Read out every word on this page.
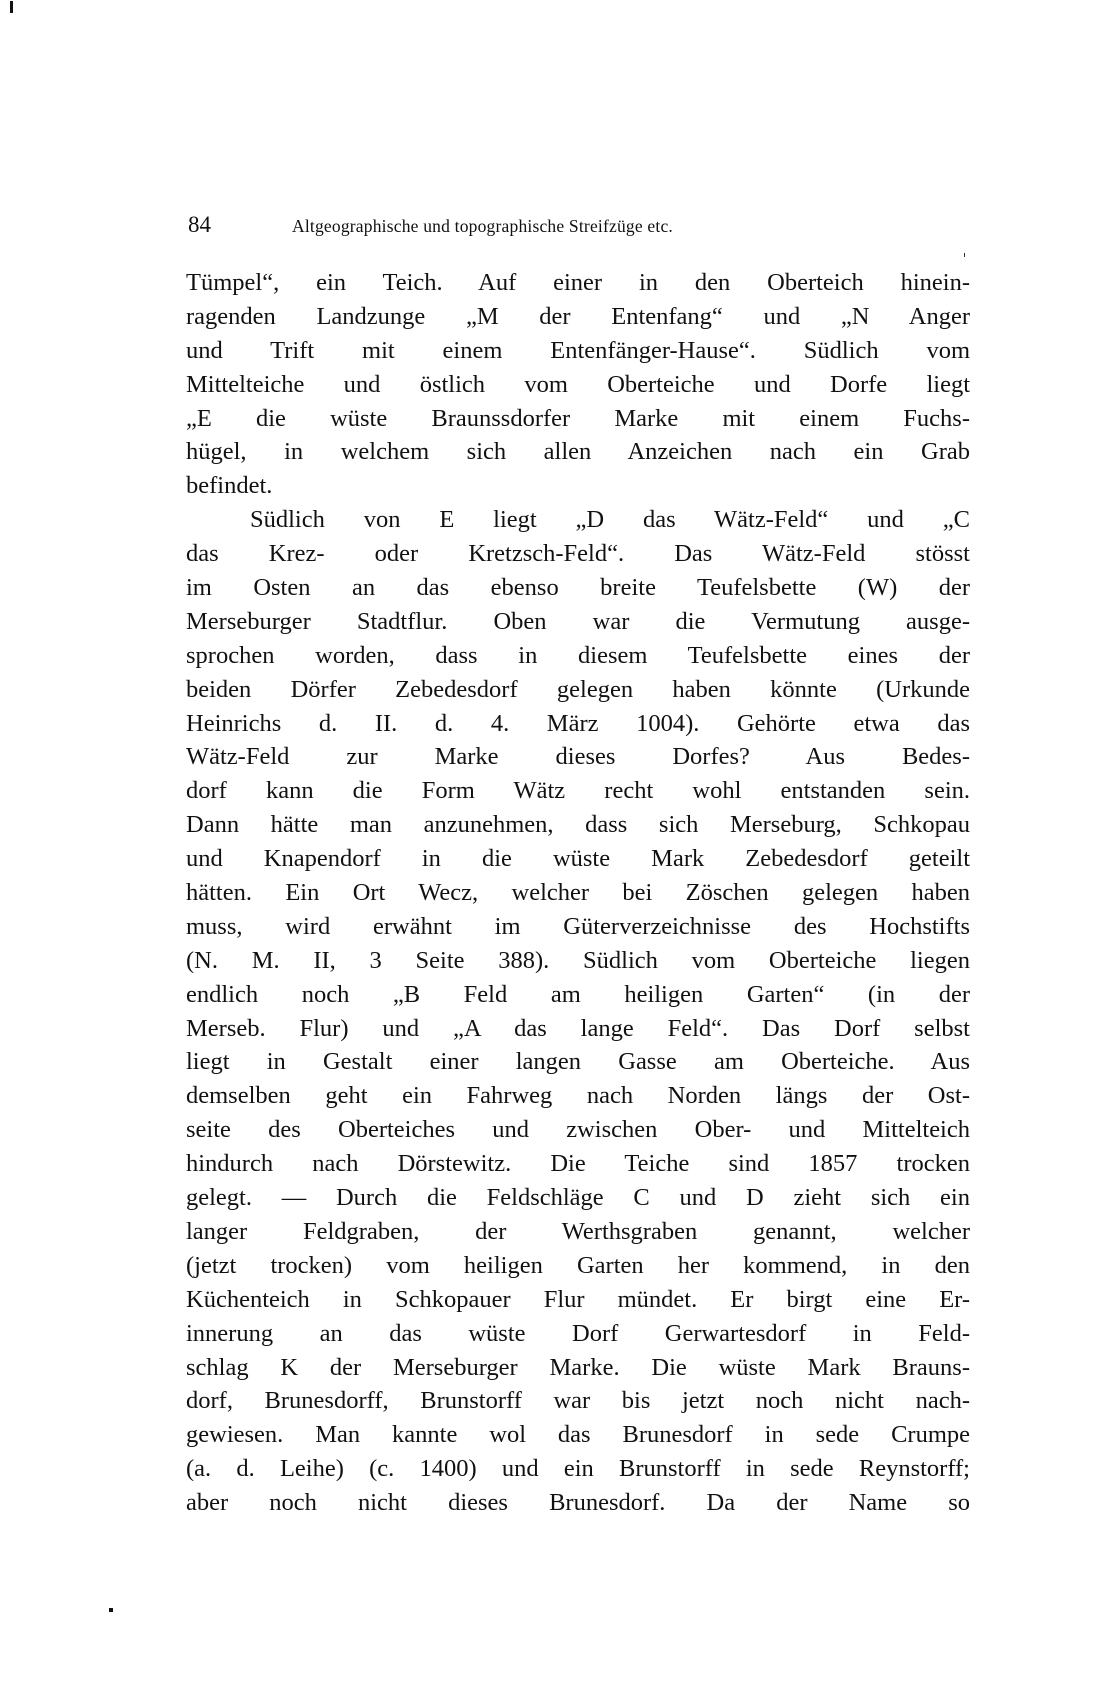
84	Altgeographische und topographische Streifzüge etc.
Tümpel“, ein Teich. Auf einer in den Oberteich hinein-
ragenden Landzunge „M der Entenfang“ und „N Anger
und Trift mit einem Entenfänger-Hause“. Südlich vom
Mittelteiche und östlich vom Oberteiche und Dorfe liegt
„E die wüste Braunssdorfer Marke mit einem Fuchs-
hügel, in welchem sich allen Anzeichen nach ein Grab
befindet.
Südlich von E liegt „D das Wätz-Feld“ und „C
das Krez- oder Kretzsch-Feld“. Das Wätz-Feld stösst
im Osten an das ebenso breite Teufelsbette (W) der
Merseburger Stadtflur. Oben war die Vermutung ausge-
sprochen worden, dass in diesem Teufelsbette eines der
beiden Dörfer Zebedesdorf gelegen haben könnte (Urkunde
Heinrichs d. II. d. 4. März 1004). Gehörte etwa das
Wätz-Feld zur Marke dieses Dorfes? Aus Bedes-
dorf kann die Form Wätz recht wohl entstanden sein.
Dann hätte man anzunehmen, dass sich Merseburg, Schkopau
und Knapendorf in die wüste Mark Zebedesdorf geteilt
hätten. Ein Ort Wecz, welcher bei Zöschen gelegen haben
muss, wird erwähnt im Güterverzeichnisse des Hochstifts
(N. M. II, 3 Seite 388). Südlich vom Oberteiche liegen
endlich noch „B Feld am heiligen Garten“ (in der
Merseb. Flur) und „A das lange Feld“. Das Dorf selbst
liegt in Gestalt einer langen Gasse am Oberteiche. Aus
demselben geht ein Fahrweg nach Norden längs der Ost-
seite des Oberteiches und zwischen Ober- und Mittelteich
hindurch nach Dörstewitz. Die Teiche sind 1857 trocken
gelegt. — Durch die Feldschläge C und D zieht sich ein
langer Feldgraben, der Werthsgraben genannt, welcher
(jetzt trocken) vom heiligen Garten her kommend, in den
Küchenteich in Schkopauer Flur mündet. Er birgt eine Er-
innerung an das wüste Dorf Gerwartesdorf in Feld-
schlag K der Merseburger Marke. Die wüste Mark Brauns-
dorf, Brunesdorff, Brunstorff war bis jetzt noch nicht nach-
gewiesen. Man kannte wol das Brunesdorf in sede Crumpe
(a. d. Leihe) (c. 1400) und ein Brunstorff in sede Reynstorff;
aber noch nicht dieses Brunesdorf. Da der Name so
